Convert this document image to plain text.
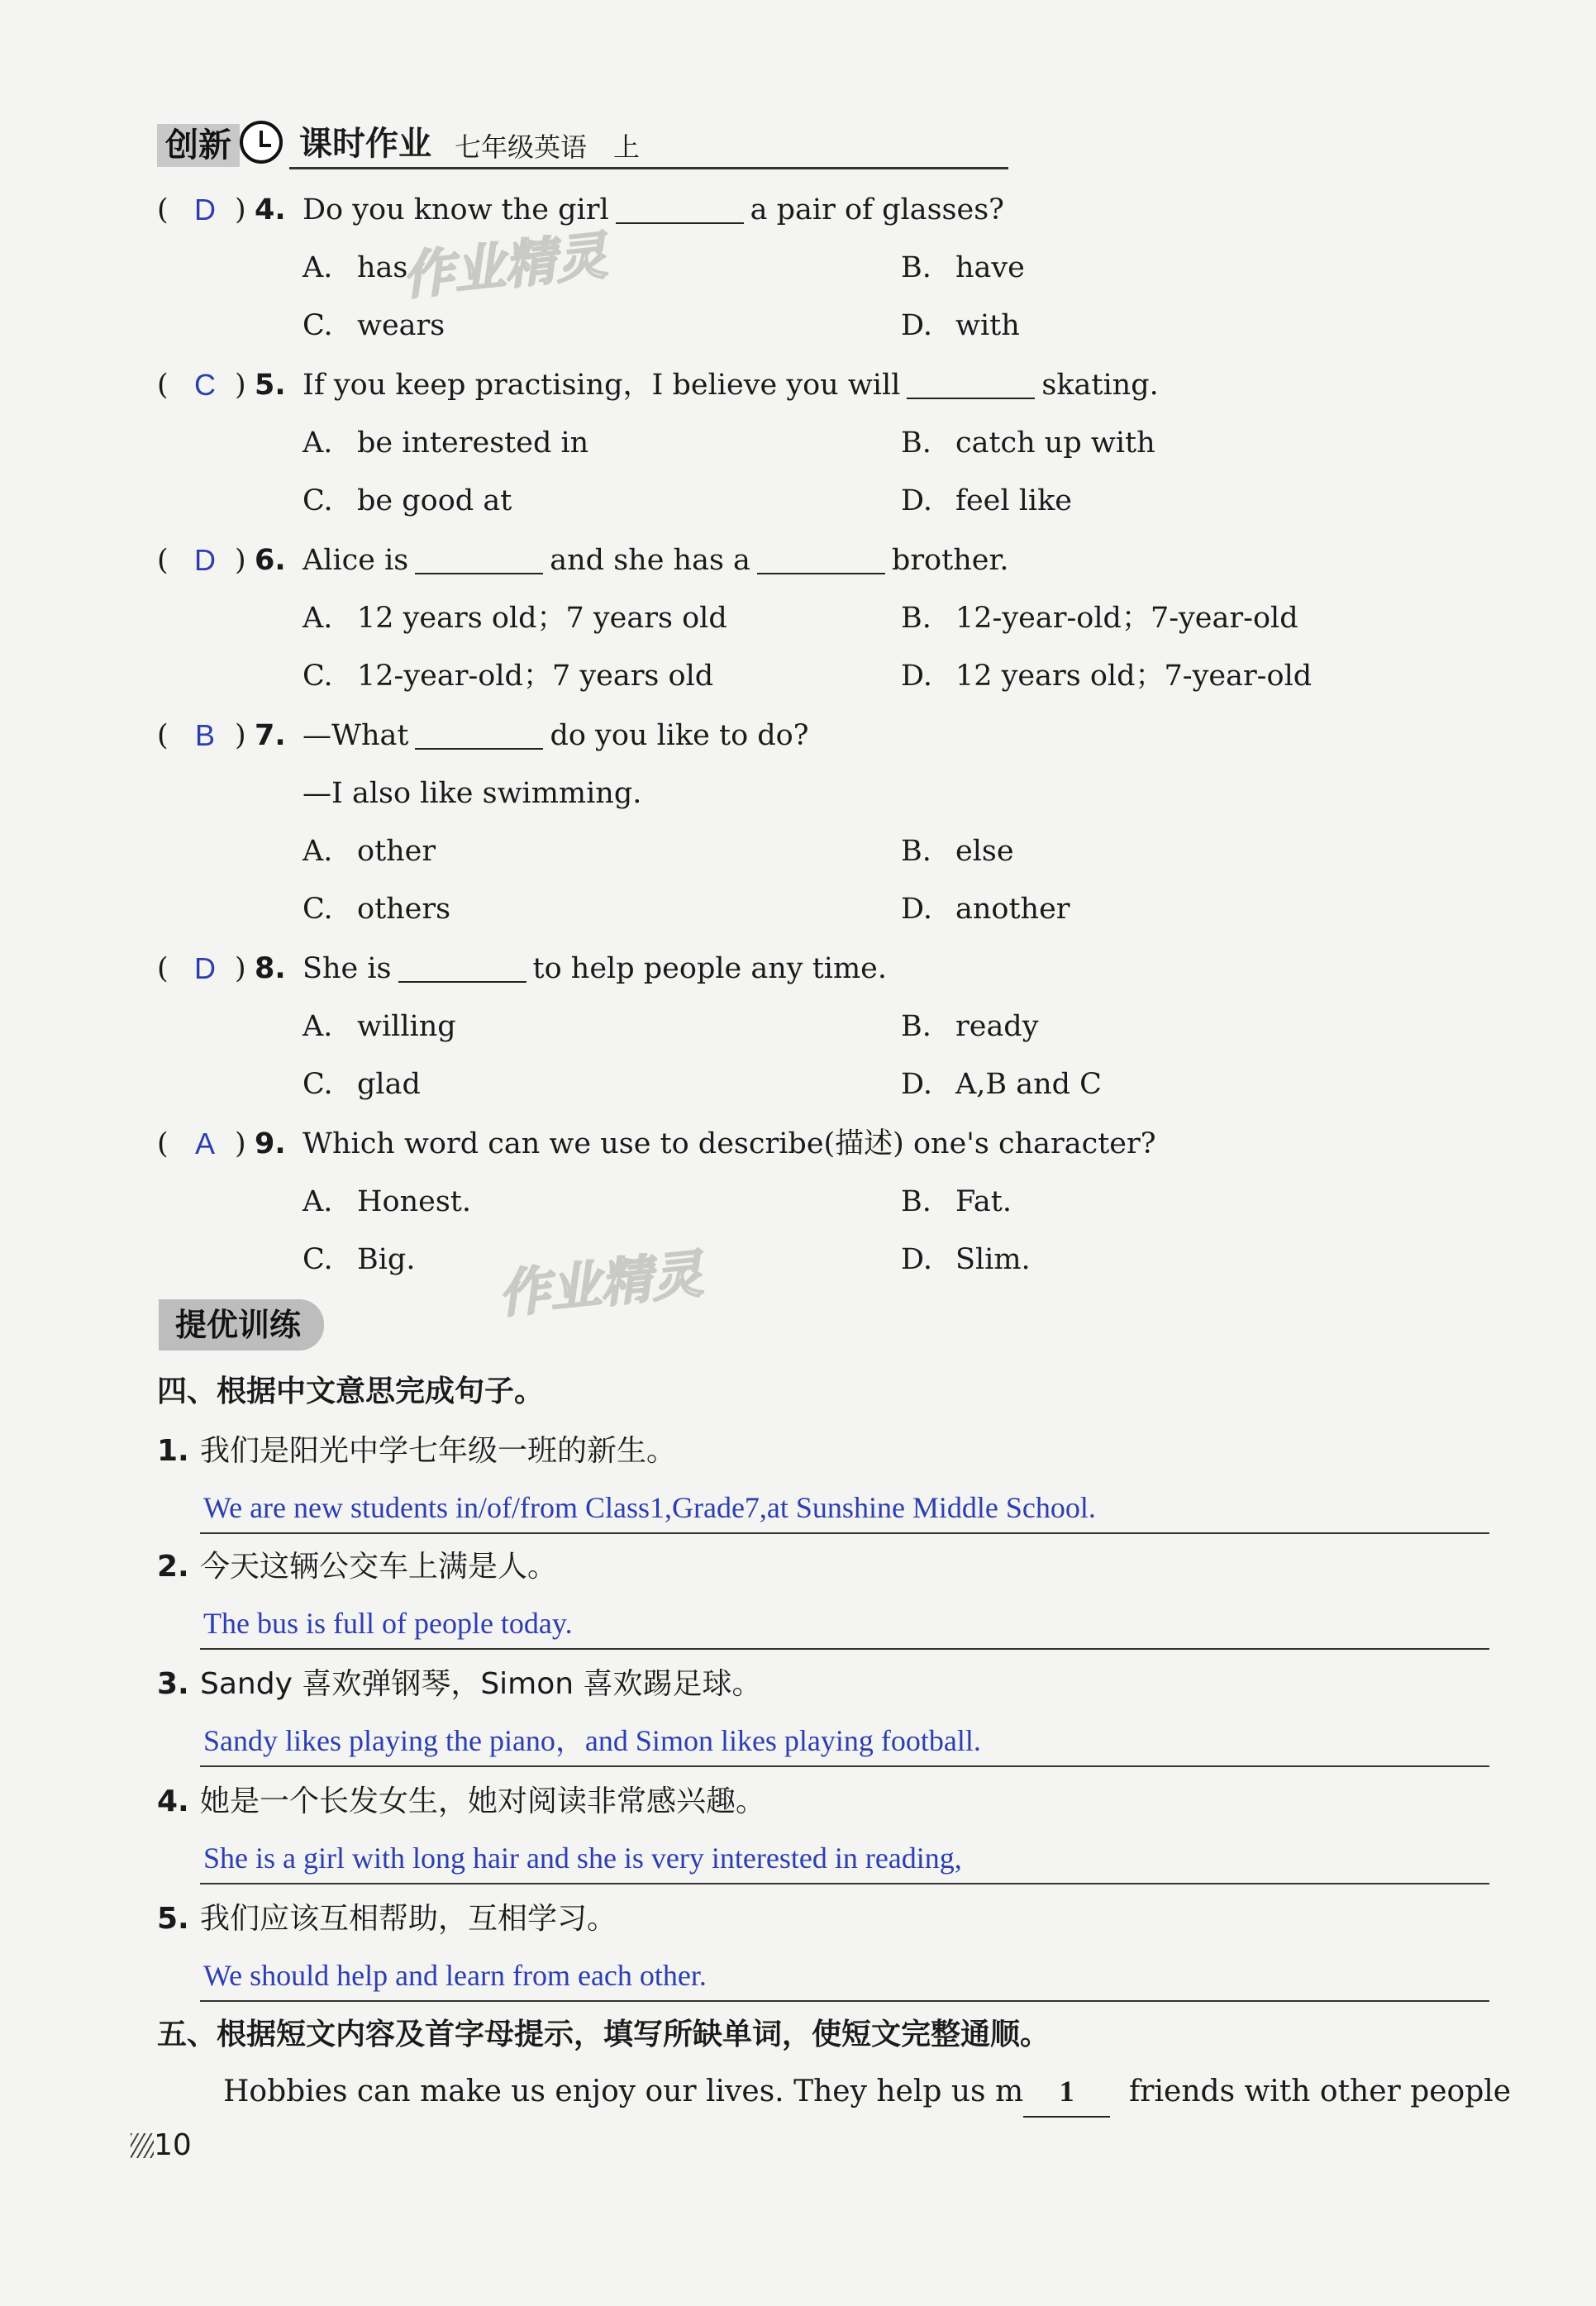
创新 课时作业 七年级英语　上
( D ) 4. Do you know the girl	a pair of glasses?
A. has	B. have
C. wears	D. with
作业精灵
( C ) 5. If you keep practising，I believe you will	skating.
A. be interested in	B. catch up with
C. be good at	D. feel like
( D ) 6. Alice is	and she has a	brother.
A. 12 years old；7 years old	B. 12-year-old；7-year-old
C. 12-year-old；7 years old	D. 12 years old；7-year-old
( B ) 7. —What	do you like to do?
—I also like swimming.
A. other	B. else
C. others	D. another
( D ) 8. She is	to help people any time.
A. willing	B. ready
C. glad	D. A,B and C
( A ) 9. Which word can we use to describe(描述) one's character?
A. Honest.	B. Fat.
C. Big.	D. Slim.
作业精灵
提优训练
四、根据中文意思完成句子。
1. 我们是阳光中学七年级一班的新生。
We are new students in/of/from Class1,Grade7,at Sunshine Middle School.
2. 今天这辆公交车上满是人。
The bus is full of people today.
3. Sandy 喜欢弹钢琴，Simon 喜欢踢足球。
Sandy likes playing the piano，and Simon likes playing football.
4. 她是一个长发女生，她对阅读非常感兴趣。
She is a girl with long hair and she is very interested in reading,
5. 我们应该互相帮助，互相学习。
We should help and learn from each other.
五、根据短文内容及首字母提示，填写所缺单词，使短文完整通顺。
Hobbies can make us enjoy our lives. They help us m 1 friends with other people
10
